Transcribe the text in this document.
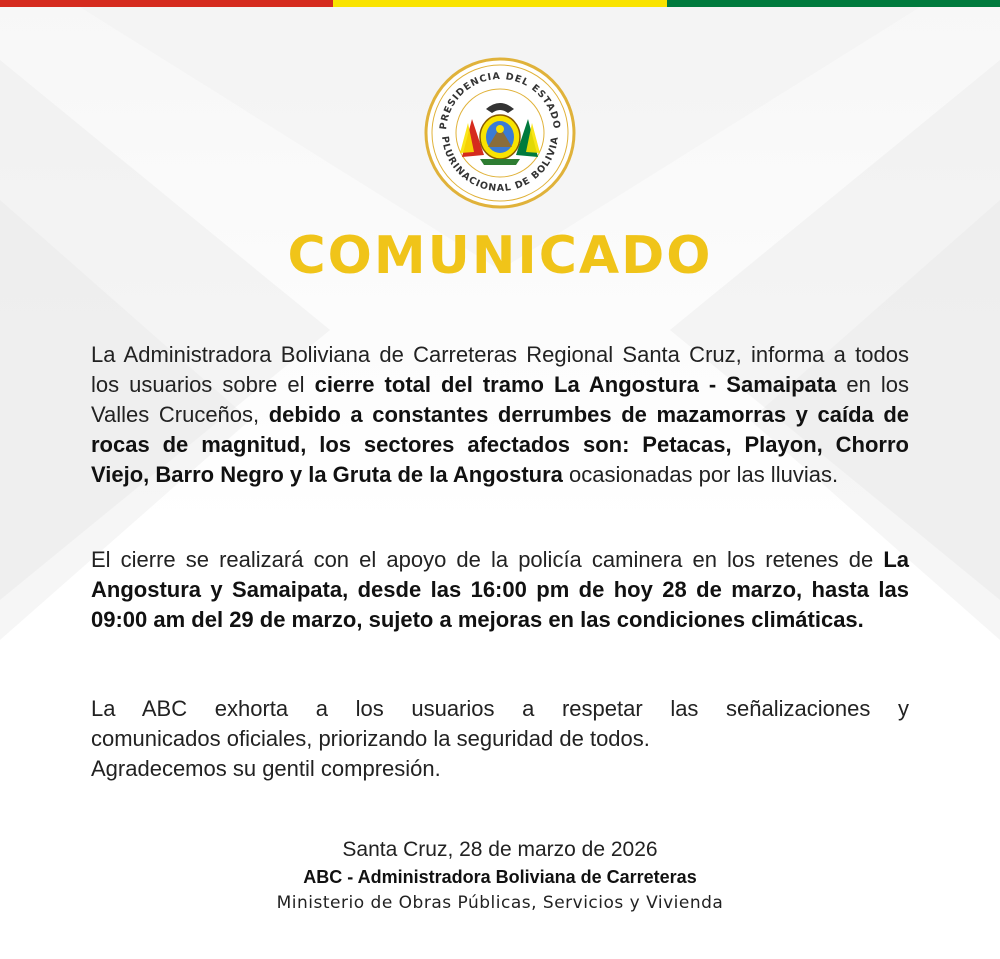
PRESIDENCIA DEL ESTADO
PLURINACIONAL DE BOLIVIA
COMUNICADO
La Administradora Boliviana de Carreteras Regional Santa Cruz, informa a todos los usuarios sobre el cierre total del tramo La Angostura - Samaipata en los Valles Cruceños, debido a constantes derrumbes de mazamorras y caída de rocas de magnitud, los sectores afectados son: Petacas, Playon, Chorro Viejo, Barro Negro y la Gruta de la Angostura ocasionadas por las lluvias.
El cierre se realizará con el apoyo de la policía caminera en los retenes de La Angostura y Samaipata, desde las 16:00 pm de hoy 28 de marzo, hasta las 09:00 am del 29 de marzo, sujeto a mejoras en las condiciones climáticas.
La ABC exhorta a los usuarios a respetar las señalizaciones y
comunicados oficiales, priorizando la seguridad de todos.
Agradecemos su gentil compresión.
Santa Cruz, 28 de marzo de 2026
ABC - Administradora Boliviana de Carreteras
Ministerio de Obras Públicas, Servicios y Vivienda
